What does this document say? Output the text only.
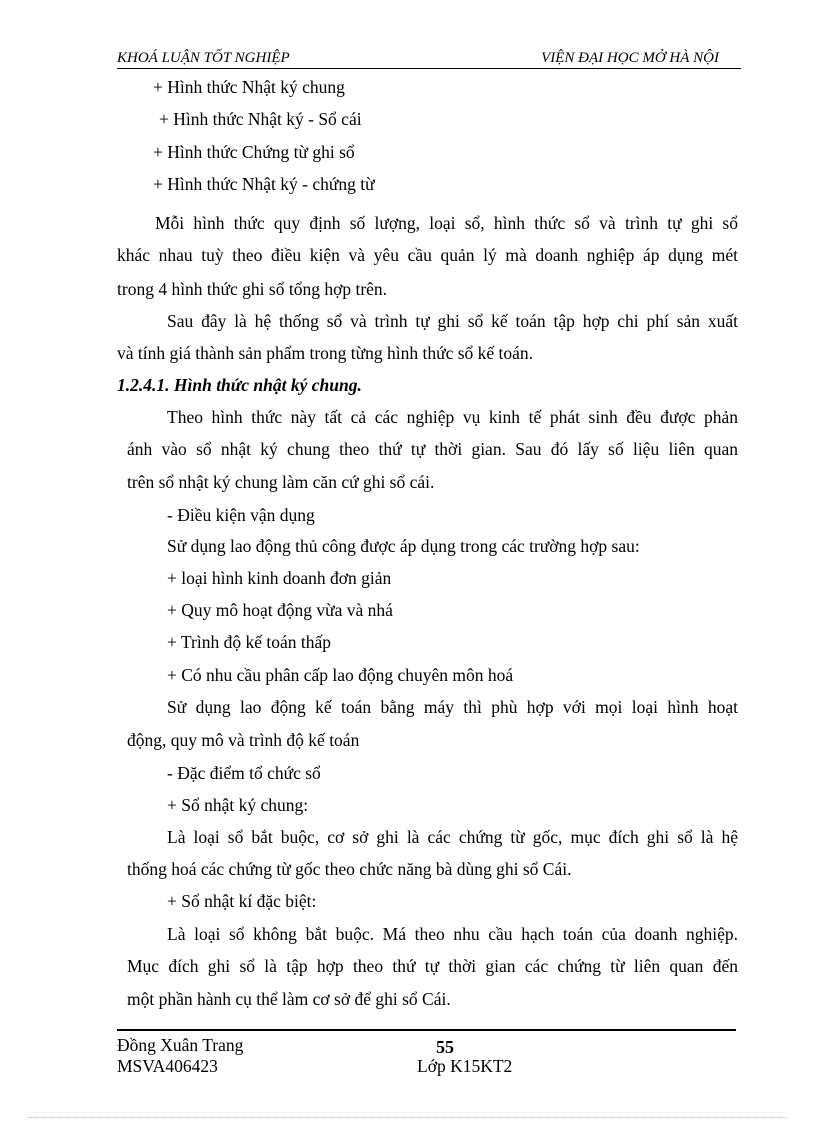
KHOÁ LUẬN TỐT NGHIỆP	VIỆN ĐẠI HỌC MỞ HÀ NỘI
+ Hình thức Nhật ký chung
+ Hình thức Nhật ký - Sổ cái
+ Hình thức Chứng từ ghi sổ
+ Hình thức Nhật ký - chứng từ
Mỗi hình thức quy định số lượng, loại sổ, hình thức sổ và trình tự ghi sổ
khác nhau tuỳ theo điều kiện và yêu cầu quản lý mà doanh nghiệp áp dụng mét
trong 4 hình thức ghi sổ tổng hợp trên.
Sau đây là hệ thống sổ và trình tự ghi sổ kế toán tập hợp chi phí sản xuất
và tính giá thành sản phẩm trong từng hình thức sổ kế toán.
1.2.4.1. Hình thức nhật ký chung.
Theo hình thức này tất cả các nghiệp vụ kinh tế phát sinh đều được phản
ánh vào sổ nhật ký chung theo thứ tự thời gian. Sau đó lấy số liệu liên quan
trên sổ nhật ký chung làm căn cứ ghi sổ cái.
- Điều kiện vận dụng
Sử dụng lao động thủ công được áp dụng trong các trường hợp sau:
+ loại hình kinh doanh đơn giản
+ Quy mô hoạt động vừa và nhá
+ Trình độ kế toán thấp
+ Có nhu cầu phân cấp lao động chuyên môn hoá
Sử dụng lao động kế toán bằng máy thì phù hợp với mọi loại hình hoạt
động, quy mô và trình độ kế toán
- Đặc điểm tổ chức sổ
+ Sổ nhật ký chung:
Là loại sổ bắt buộc, cơ sở ghi là các chứng từ gốc, mục đích ghi sổ là hệ
thống hoá các chứng từ gốc theo chức năng bà dùng ghi sổ Cái.
+ Sổ nhật kí đặc biệt:
Là loại sổ không bắt buộc. Má theo nhu cầu hạch toán của doanh nghiệp.
Mục đích ghi sổ là tập hợp theo thứ tự thời gian các chứng từ liên quan đến
một phần hành cụ thể làm cơ sở để ghi sổ Cái.
Đồng Xuân Trang	55
MSVA406423	Lớp K15KT2
